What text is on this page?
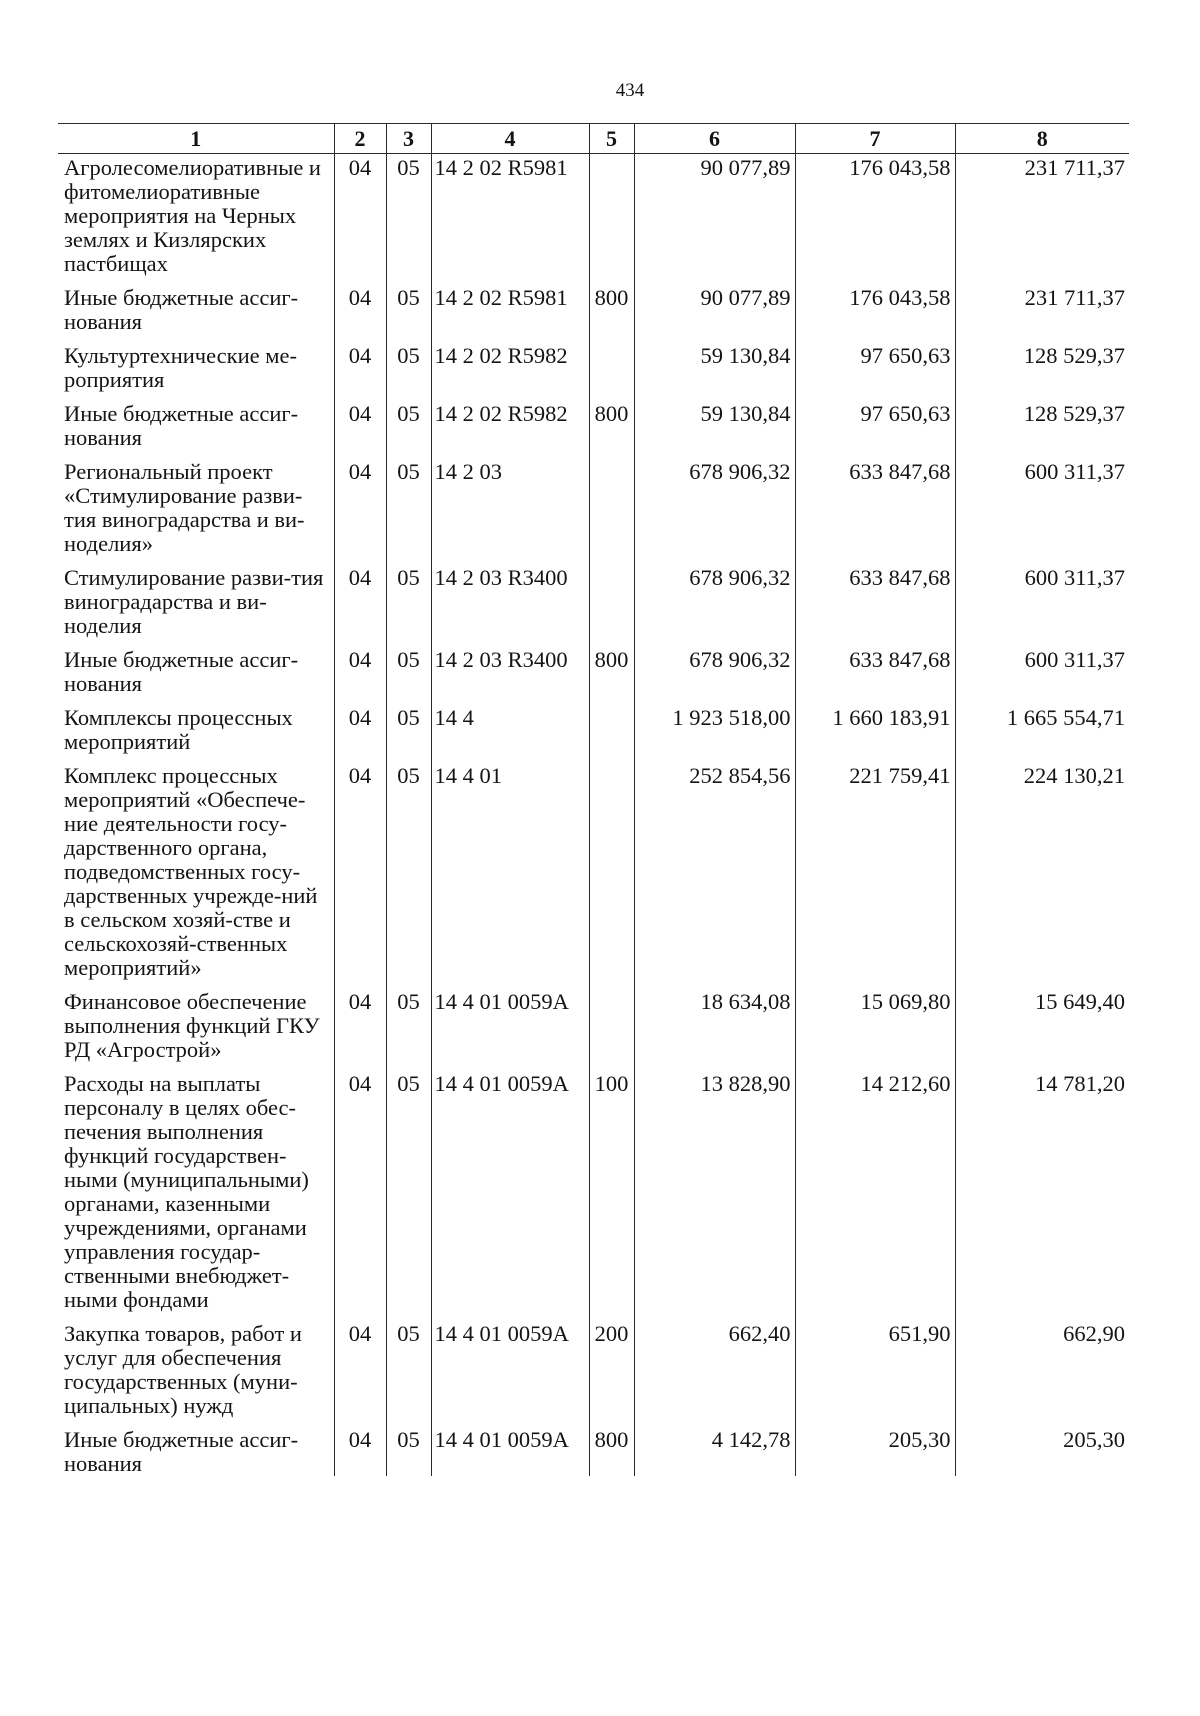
434
1	2	3	4	5	6	7	8
Агролесомелиоративные и фитомелиоративные мероприятия на Черных землях и Кизлярских пастбищах	04	05	14 2 02 R5981		90 077,89	176 043,58	231 711,37

Иные бюджетные ассиг-нования	04	05	14 2 02 R5981	800	90 077,89	176 043,58	231 711,37

Культуртехнические ме-роприятия	04	05	14 2 02 R5982		59 130,84	97 650,63	128 529,37

Иные бюджетные ассиг-нования	04	05	14 2 02 R5982	800	59 130,84	97 650,63	128 529,37

Региональный проект «Стимулирование разви-тия виноградарства и ви-ноделия»	04	05	14 2 03		678 906,32	633 847,68	600 311,37

Стимулирование разви-тия виноградарства и ви-ноделия	04	05	14 2 03 R3400		678 906,32	633 847,68	600 311,37

Иные бюджетные ассиг-нования	04	05	14 2 03 R3400	800	678 906,32	633 847,68	600 311,37

Комплексы процессных мероприятий	04	05	14 4		1 923 518,00	1 660 183,91	1 665 554,71

Комплекс процессных мероприятий «Обеспече-ние деятельности госу-дарственного органа, подведомственных госу-дарственных учрежде-ний в сельском хозяй-стве и сельскохозяй-ственных мероприятий»	04	05	14 4 01		252 854,56	221 759,41	224 130,21

Финансовое обеспечение выполнения функций ГКУ РД «Агрострой»	04	05	14 4 01 0059А		18 634,08	15 069,80	15 649,40

Расходы на выплаты персоналу в целях обес-печения выполнения функций государствен-ными (муниципальными) органами, казенными учреждениями, органами управления государ-ственными внебюджет-ными фондами	04	05	14 4 01 0059А	100	13 828,90	14 212,60	14 781,20

Закупка товаров, работ и услуг для обеспечения государственных (муни-ципальных) нужд	04	05	14 4 01 0059А	200	662,40	651,90	662,90

Иные бюджетные ассиг-нования	04	05	14 4 01 0059А	800	4 142,78	205,30	205,30
